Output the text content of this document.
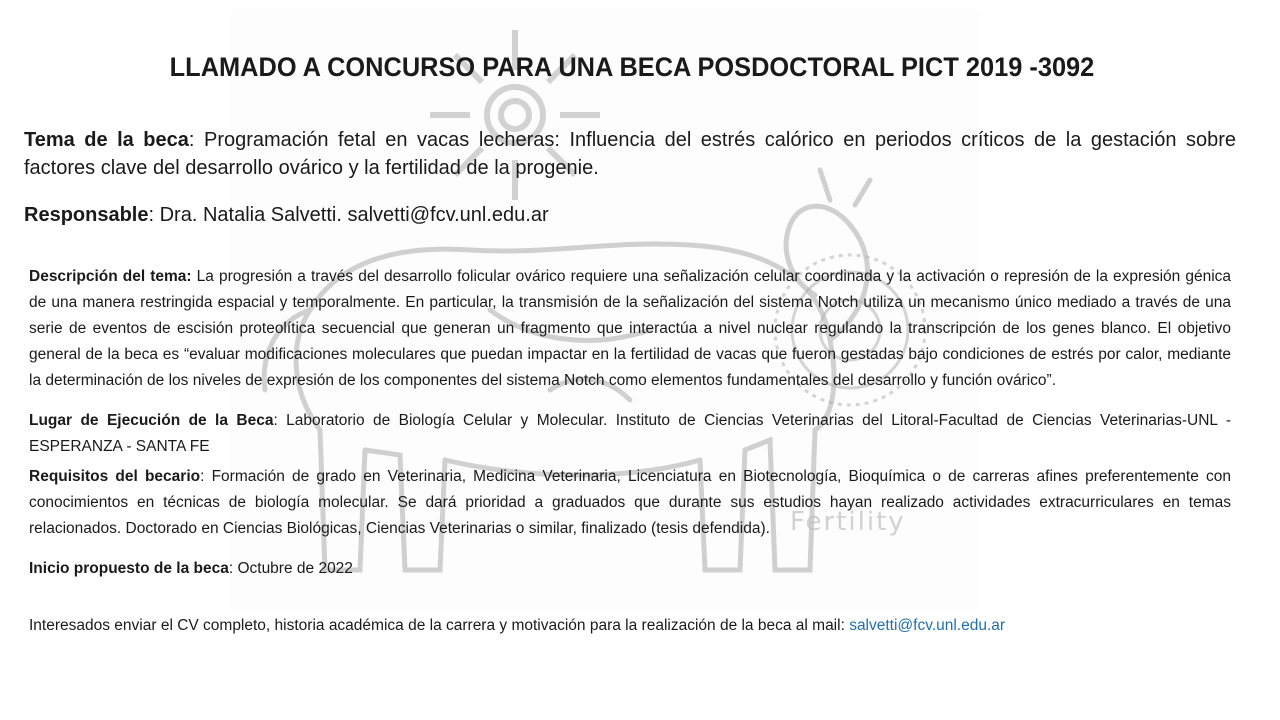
Fertility
LLAMADO A CONCURSO PARA UNA BECA POSDOCTORAL PICT 2019 -3092
Tema de la beca: Programación fetal en vacas lecheras: Influencia del estrés calórico en periodos críticos de la gestación sobre factores clave del desarrollo ovárico y la fertilidad de la progenie.
Responsable: Dra. Natalia Salvetti. salvetti@fcv.unl.edu.ar
Descripción del tema: La progresión a través del desarrollo folicular ovárico requiere una señalización celular coordinada y la activación o represión de la expresión génica de una manera restringida espacial y temporalmente. En particular, la transmisión de la señalización del sistema Notch utiliza un mecanismo único mediado a través de una serie de eventos de escisión proteolítica secuencial que generan un fragmento que interactúa a nivel nuclear regulando la transcripción de los genes blanco. El objetivo general de la beca es “evaluar modificaciones moleculares que puedan impactar en la fertilidad de vacas que fueron gestadas bajo condiciones de estrés por calor, mediante la determinación de los niveles de expresión de los componentes del sistema Notch como elementos fundamentales del desarrollo y función ovárico”.
Lugar de Ejecución de la Beca: Laboratorio de Biología Celular y Molecular. Instituto de Ciencias Veterinarias del Litoral-Facultad de Ciencias Veterinarias-UNL -ESPERANZA - SANTA FE
Requisitos del becario: Formación de grado en Veterinaria, Medicina Veterinaria, Licenciatura en Biotecnología, Bioquímica o de carreras afines preferentemente con conocimientos en técnicas de biología molecular. Se dará prioridad a graduados que durante sus estudios hayan realizado actividades extracurriculares en temas relacionados. Doctorado en Ciencias Biológicas, Ciencias Veterinarias o similar, finalizado (tesis defendida).
Inicio propuesto de la beca: Octubre de 2022
Interesados enviar el CV completo, historia académica de la carrera y motivación para la realización de la beca al mail: salvetti@fcv.unl.edu.ar
